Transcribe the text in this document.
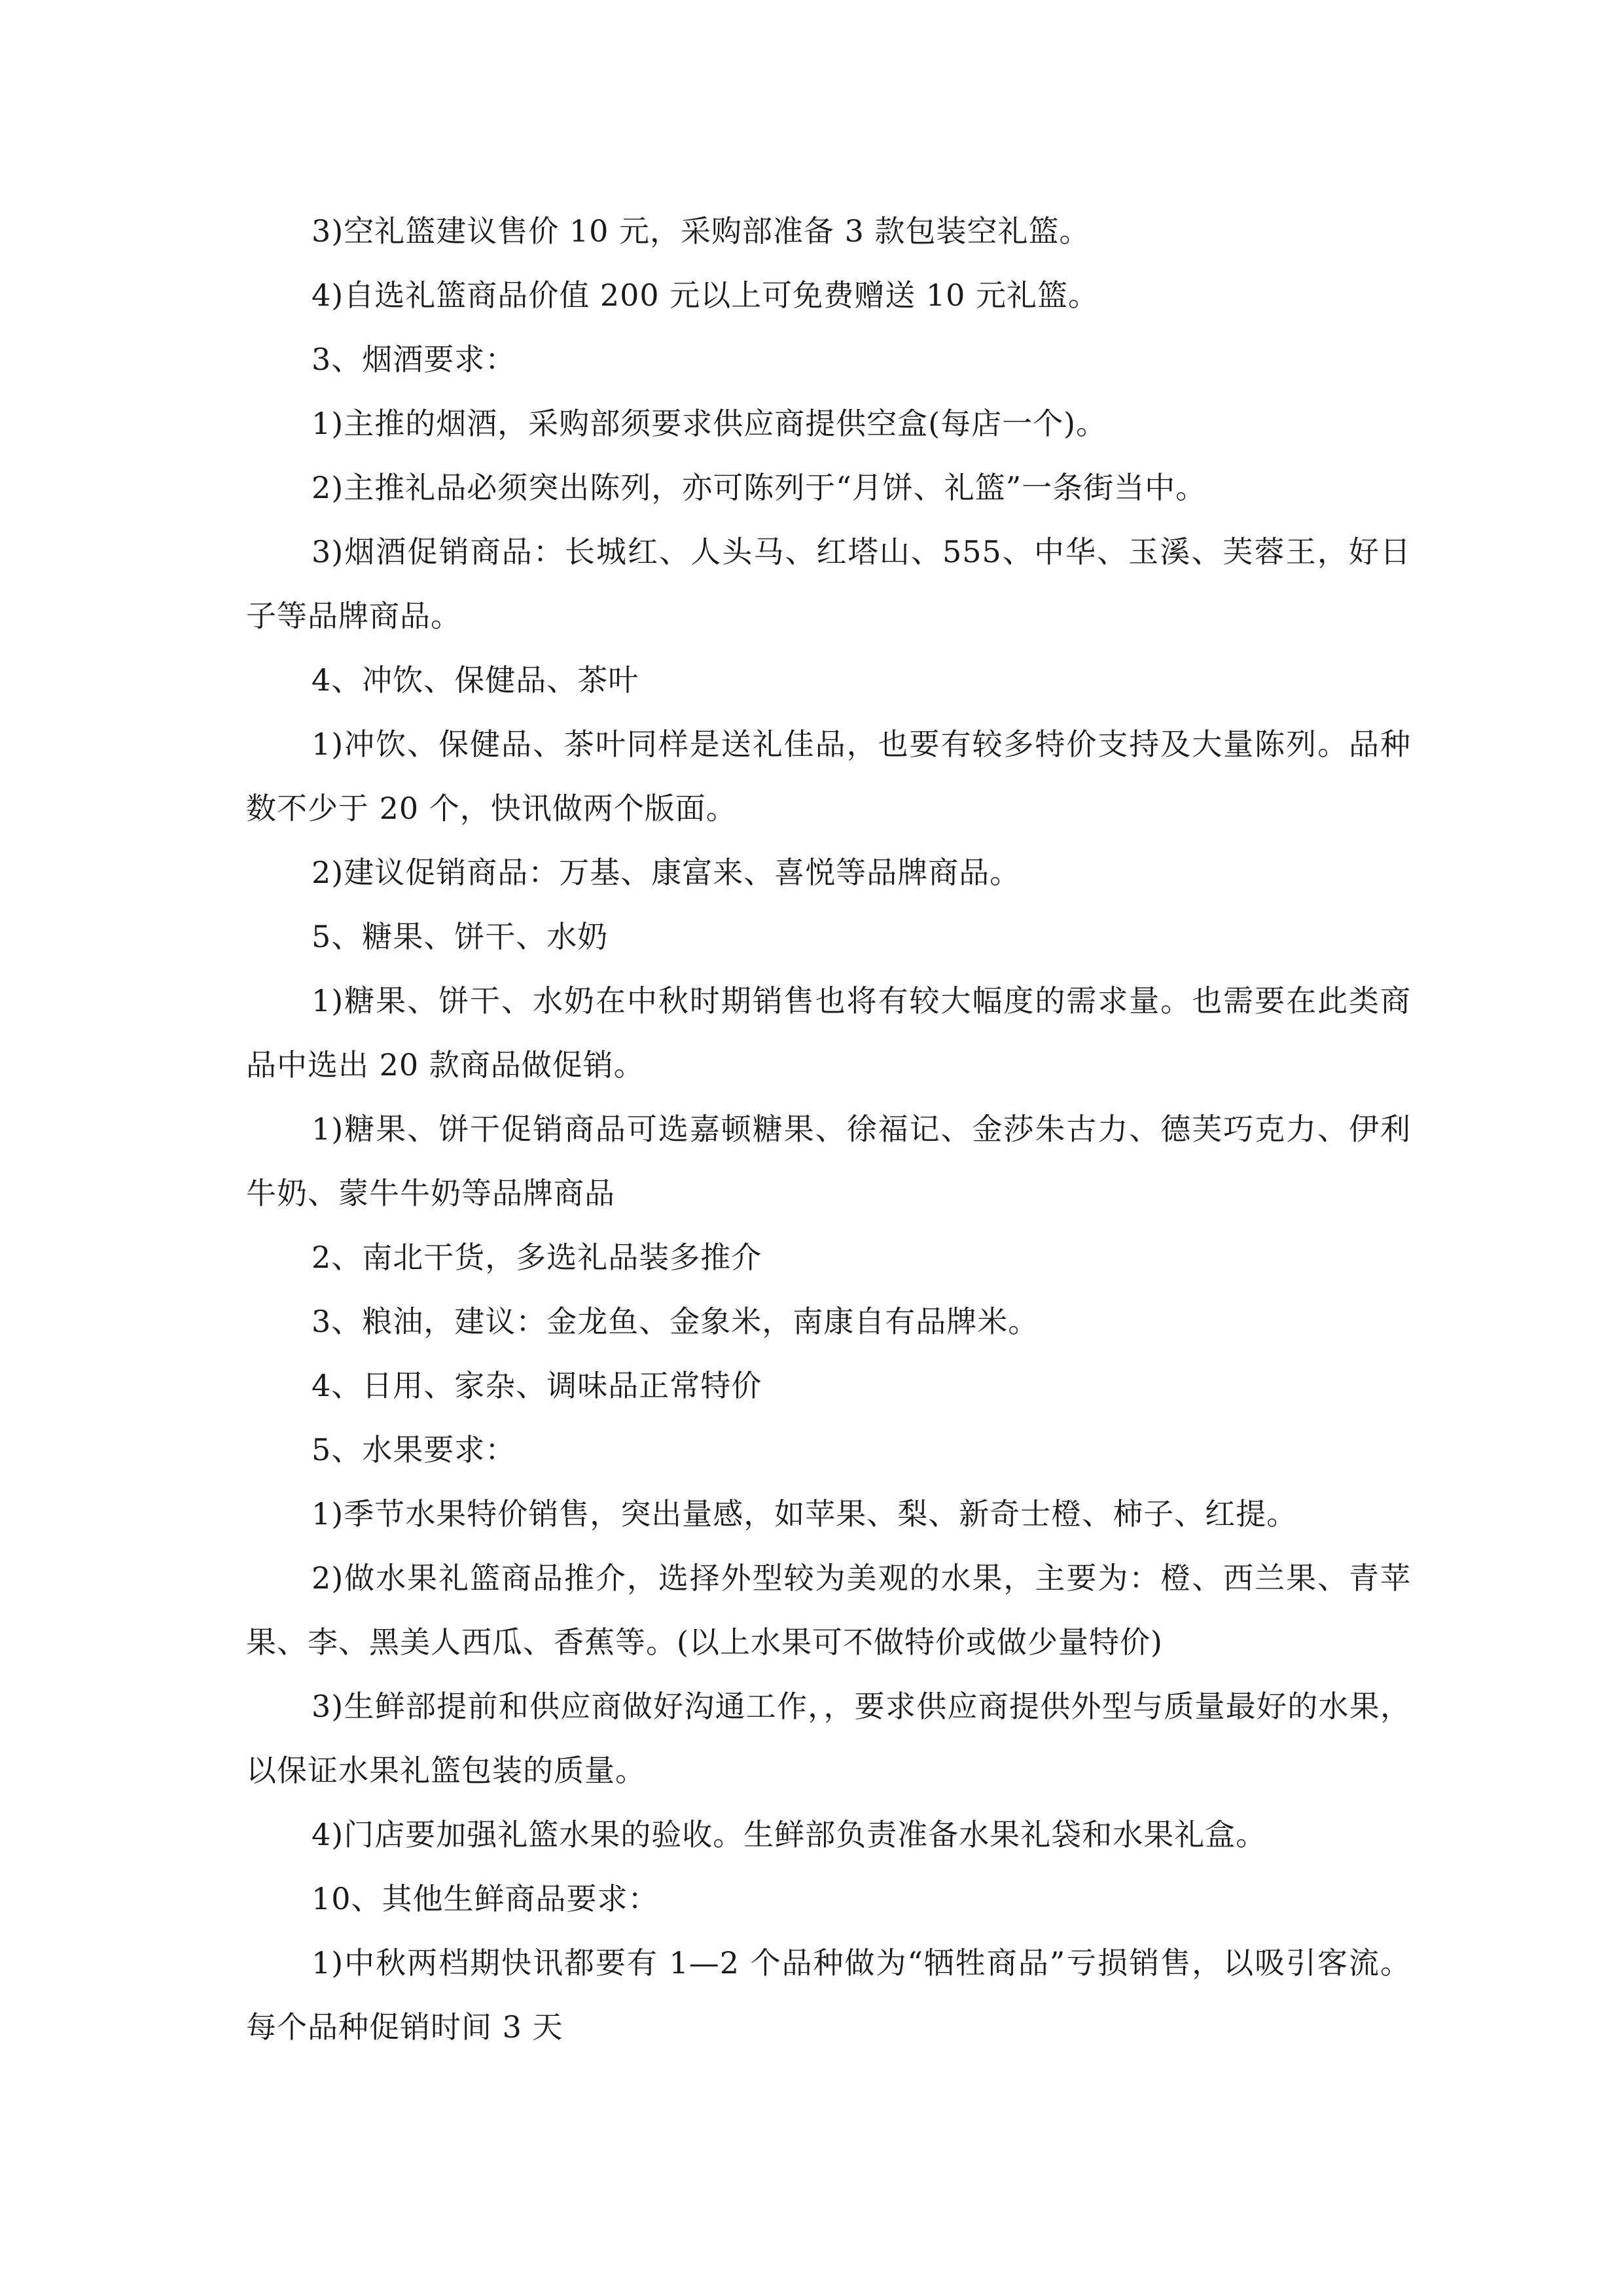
3)空礼篮建议售价 10 元，采购部准备 3 款包装空礼篮。

4)自选礼篮商品价值 200 元以上可免费赠送 10 元礼篮。

3、烟酒要求：

1)主推的烟酒，采购部须要求供应商提供空盒(每店一个)。

2)主推礼品必须突出陈列，亦可陈列于“月饼、礼篮”一条街当中。

3)烟酒促销商品：长城红、人头马、红塔山、555、中华、玉溪、芙蓉王，好日子等品牌商品。

4、冲饮、保健品、茶叶

1)冲饮、保健品、茶叶同样是送礼佳品，也要有较多特价支持及大量陈列。品种数不少于 20 个，快讯做两个版面。

2)建议促销商品：万基、康富来、喜悦等品牌商品。

5、糖果、饼干、水奶

1)糖果、饼干、水奶在中秋时期销售也将有较大幅度的需求量。也需要在此类商品中选出 20 款商品做促销。

1)糖果、饼干促销商品可选嘉顿糖果、徐福记、金莎朱古力、德芙巧克力、伊利牛奶、蒙牛牛奶等品牌商品

2、南北干货，多选礼品装多推介

3、粮油，建议：金龙鱼、金象米，南康自有品牌米。

4、日用、家杂、调味品正常特价

5、水果要求：

1)季节水果特价销售，突出量感，如苹果、梨、新奇士橙、柿子、红提。

2)做水果礼篮商品推介，选择外型较为美观的水果，主要为：橙、西兰果、青苹果、李、黑美人西瓜、香蕉等。(以上水果可不做特价或做少量特价)

3)生鲜部提前和供应商做好沟通工作，，要求供应商提供外型与质量最好的水果，以保证水果礼篮包装的质量。

4)门店要加强礼篮水果的验收。生鲜部负责准备水果礼袋和水果礼盒。

10、其他生鲜商品要求：

1)中秋两档期快讯都要有 1—2 个品种做为“牺牲商品”亏损销售，以吸引客流。每个品种促销时间 3 天
